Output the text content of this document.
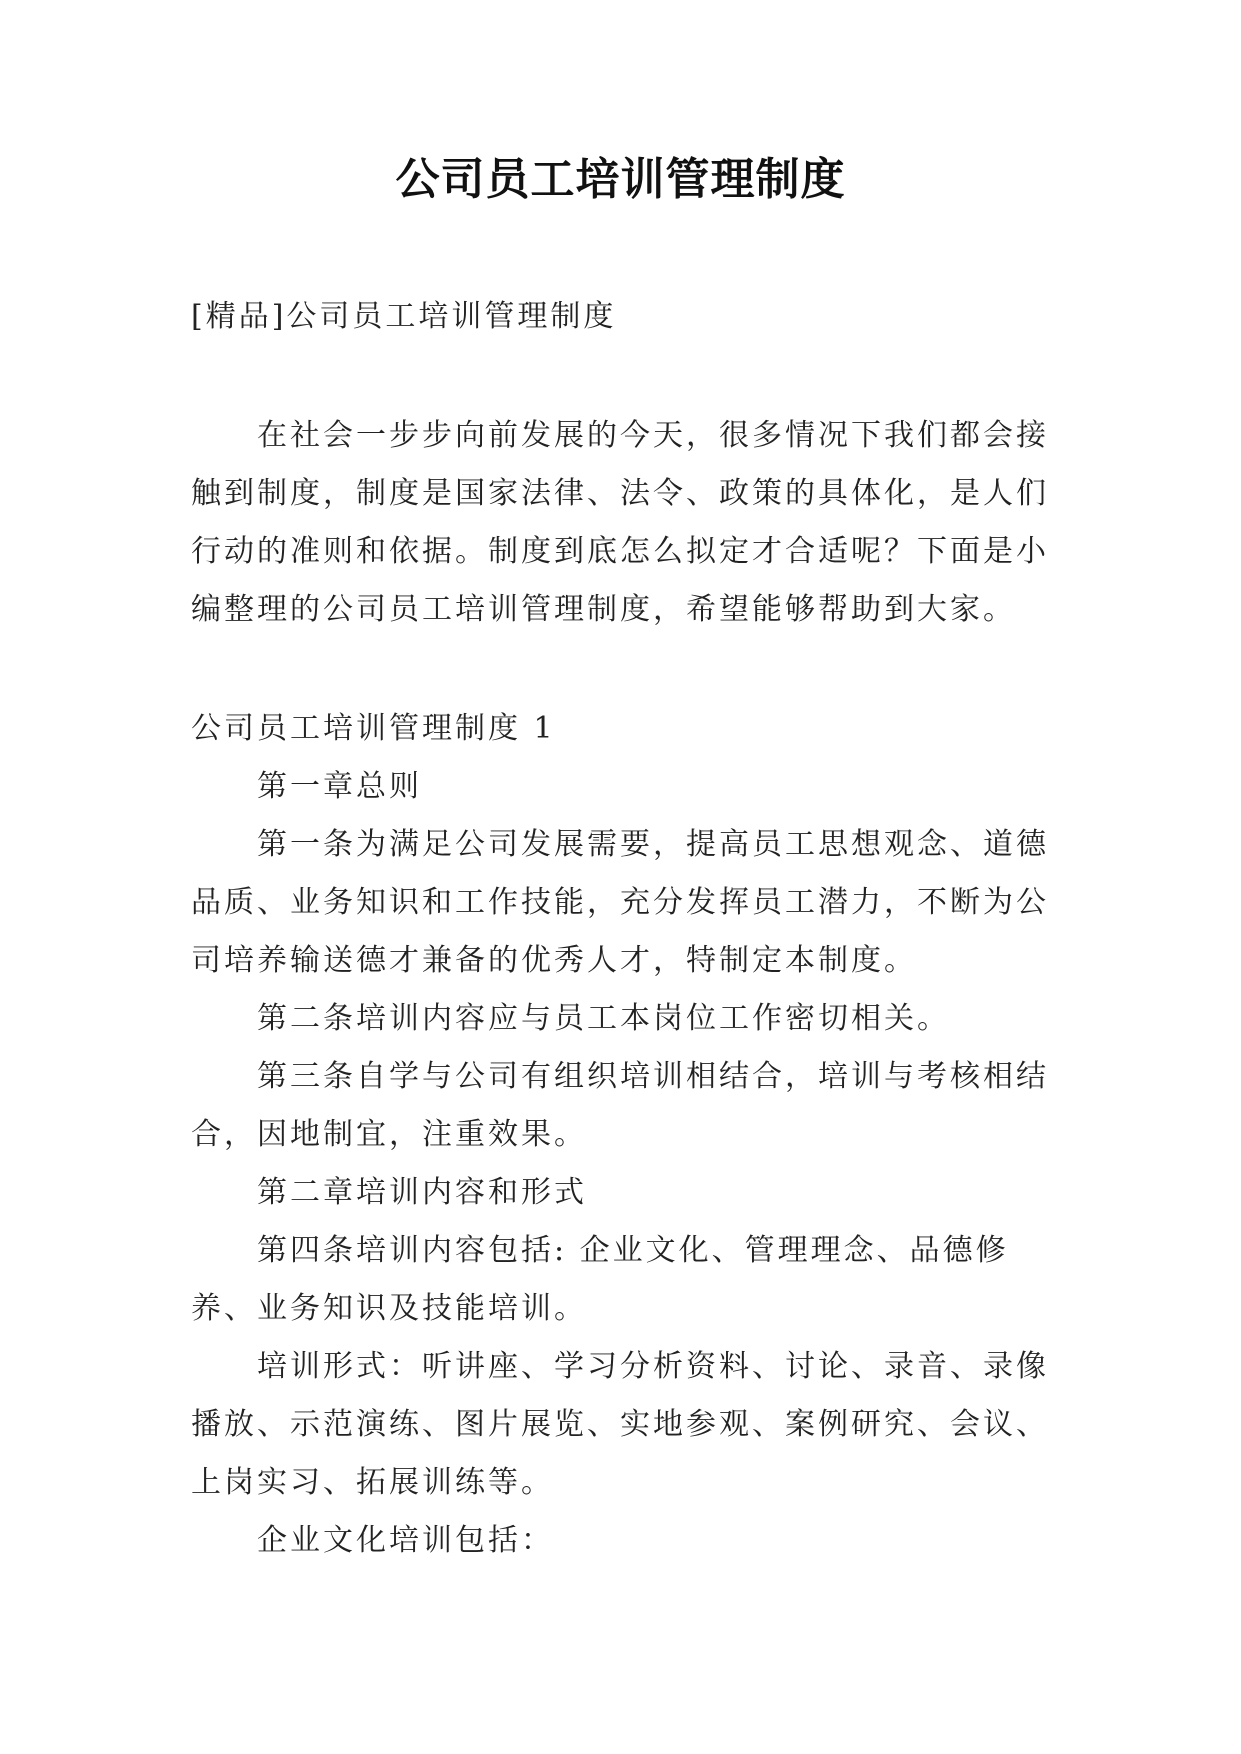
公司员工培训管理制度

[精品]公司员工培训管理制度

在社会一步步向前发展的今天，很多情况下我们都会接触到制度，制度是国家法律、法令、政策的具体化，是人们行动的准则和依据。制度到底怎么拟定才合适呢？下面是小编整理的公司员工培训管理制度，希望能够帮助到大家。

公司员工培训管理制度 1

第一章总则

第一条为满足公司发展需要，提高员工思想观念、道德品质、业务知识和工作技能，充分发挥员工潜力，不断为公司培养输送德才兼备的优秀人才，特制定本制度。

第二条培训内容应与员工本岗位工作密切相关。

第三条自学与公司有组织培训相结合，培训与考核相结合，因地制宜，注重效果。

第二章培训内容和形式

第四条培训内容包括: 企业文化、管理理念、品德修养、业务知识及技能培训。

培训形式：听讲座、学习分析资料、讨论、录音、录像播放、示范演练、图片展览、实地参观、案例研究、会议、上岗实习、拓展训练等。

企业文化培训包括：
